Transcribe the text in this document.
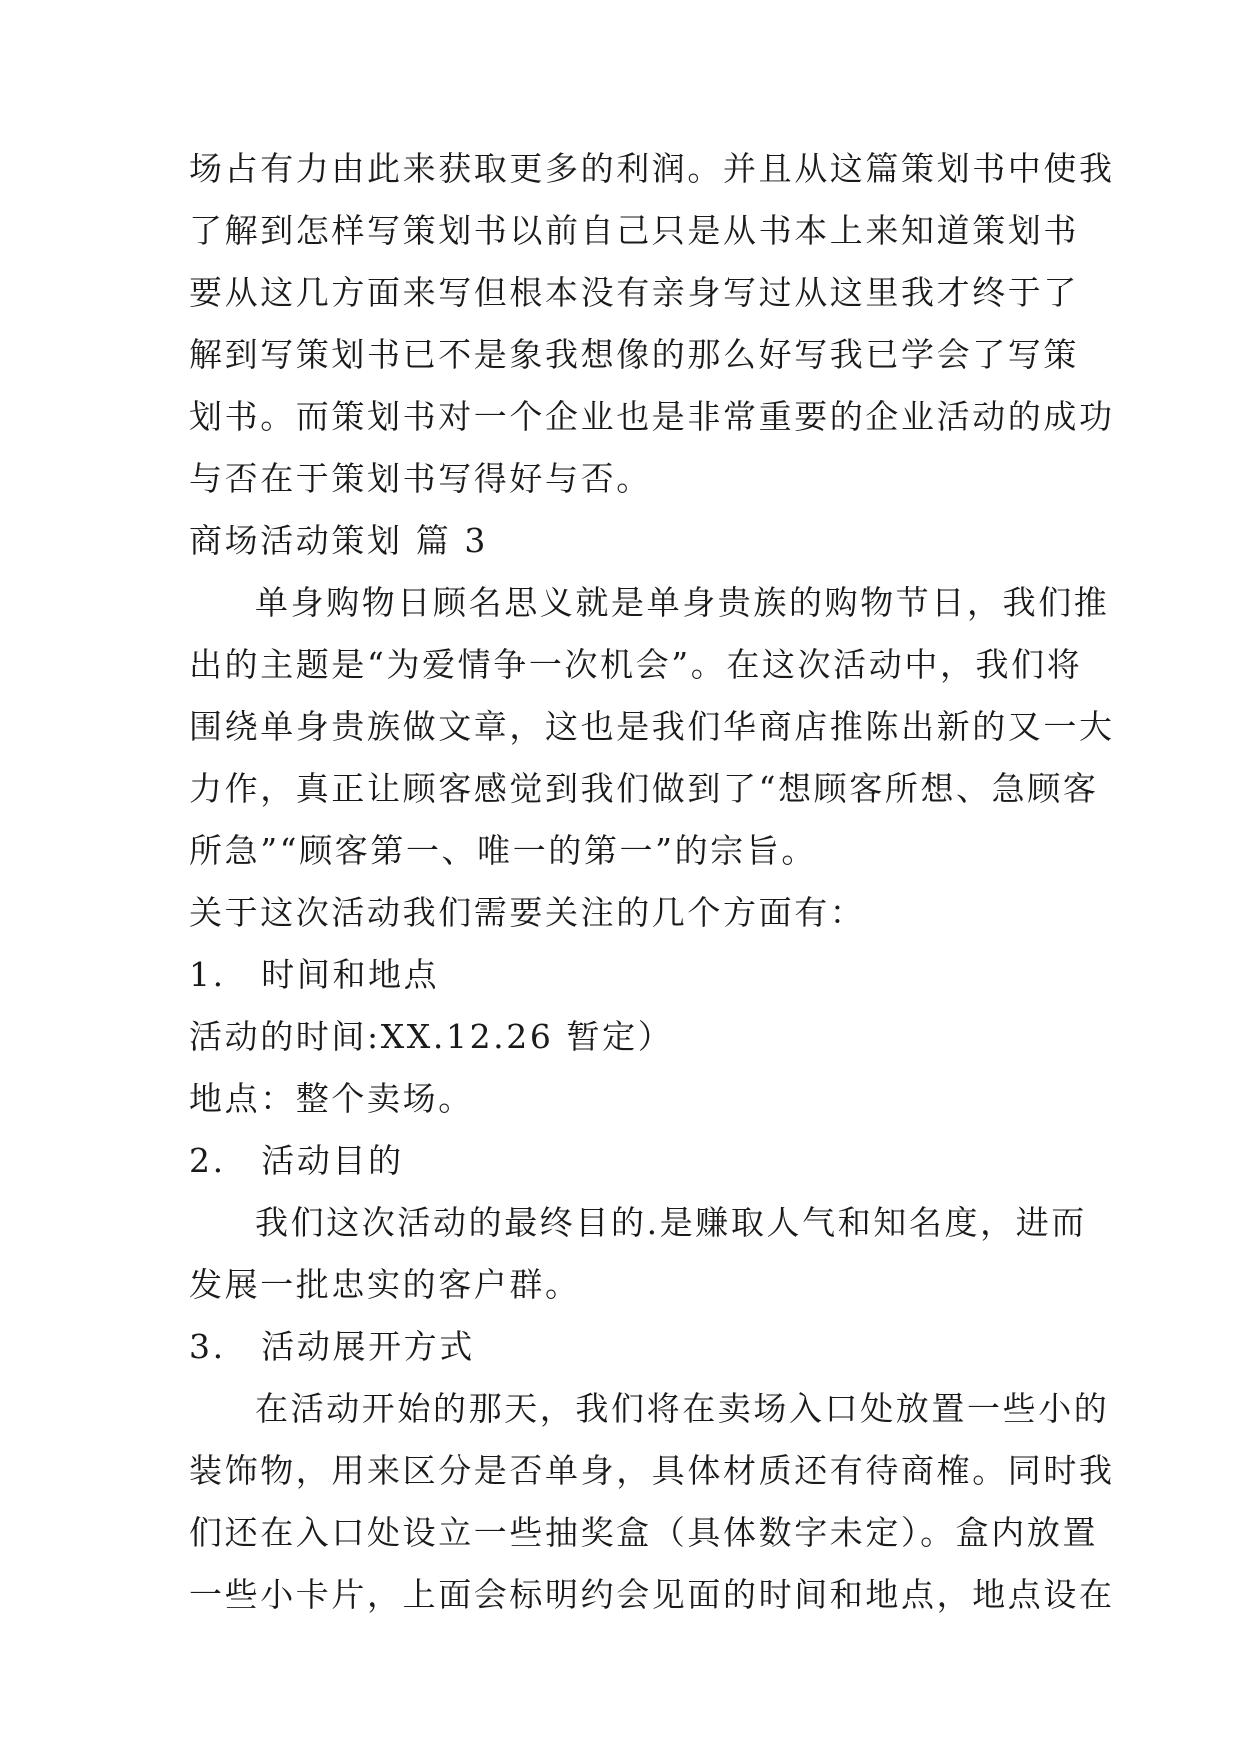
场占有力由此来获取更多的利润。并且从这篇策划书中使我
了解到怎样写策划书以前自己只是从书本上来知道策划书
要从这几方面来写但根本没有亲身写过从这里我才终于了
解到写策划书已不是象我想像的那么好写我已学会了写策
划书。而策划书对一个企业也是非常重要的企业活动的成功
与否在于策划书写得好与否。

商场活动策划 篇 3

单身购物日顾名思义就是单身贵族的购物节日，我们推
出的主题是“为爱情争一次机会”。在这次活动中，我们将
围绕单身贵族做文章，这也是我们华商店推陈出新的又一大
力作，真正让顾客感觉到我们做到了“想顾客所想、急顾客
所急”“顾客第一、唯一的第一”的宗旨。

关于这次活动我们需要关注的几个方面有：

1.　时间和地点

活动的时间:XX.12.26 暂定）

地点：整个卖场。

2.　活动目的

我们这次活动的最终目的.是赚取人气和知名度，进而
发展一批忠实的客户群。

3.　活动展开方式

在活动开始的那天，我们将在卖场入口处放置一些小的
装饰物，用来区分是否单身，具体材质还有待商榷。同时我
们还在入口处设立一些抽奖盒（具体数字未定）。盒内放置
一些小卡片，上面会标明约会见面的时间和地点，地点设在
